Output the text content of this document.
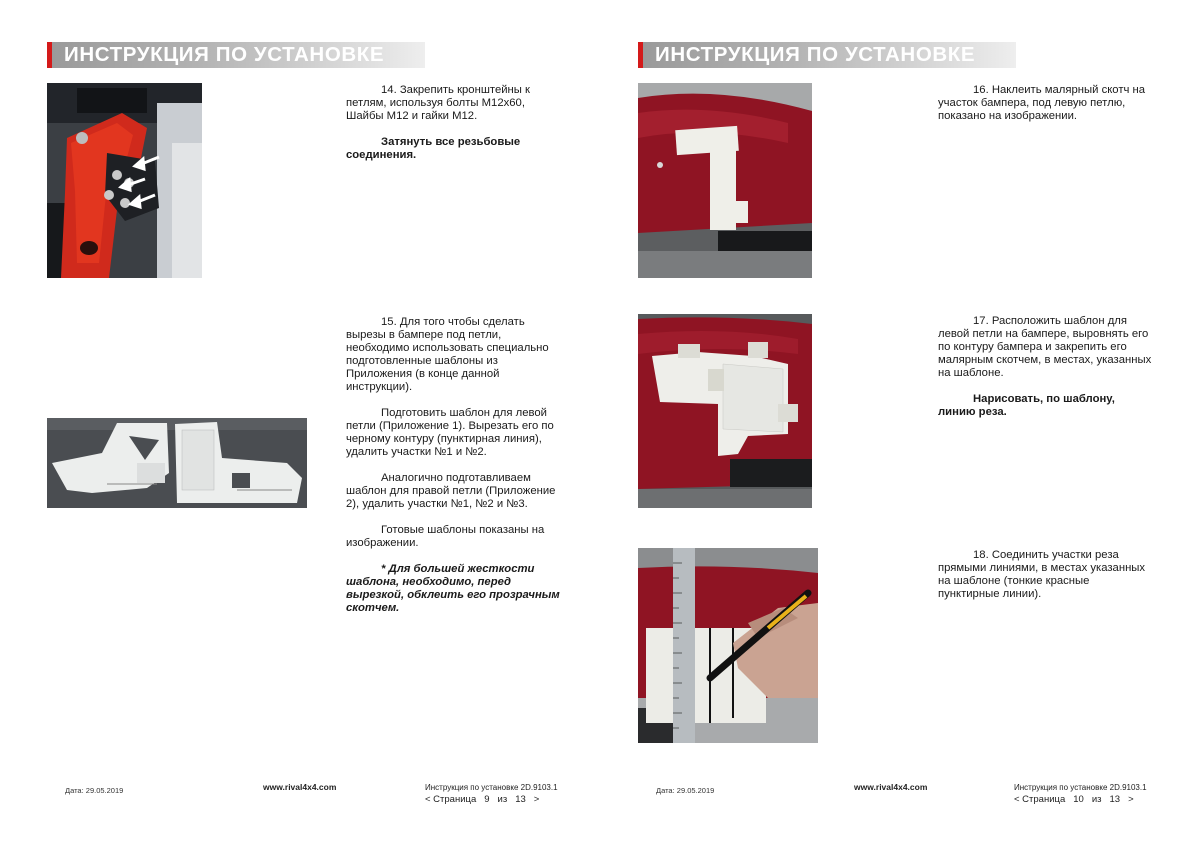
ИНСТРУКЦИЯ ПО УСТАНОВКЕ

14. Закрепить кронштейны к петлям, используя болты М12х60, Шайбы М12 и гайки М12.

Затянуть все резьбовые соединения.

15. Для того чтобы сделать вырезы в бампере под петли, необходимо использовать специально подготовленные шаблоны из Приложения (в конце данной инструкции).

Подготовить шаблон для левой петли (Приложение 1). Вырезать его по черному контуру (пунктирная линия), удалить участки №1 и №2.

Аналогично подготавливаем шаблон для правой петли (Приложение 2), удалить участки №1, №2 и №3.

Готовые шаблоны показаны на изображении.

* Для большей жесткости шаблона, необходимо, перед вырезкой, обклеить его прозрачным скотчем.

Дата: 29.05.2019	www.rival4x4.com	Инструкция по установке 2D.9103.1
< Страница 9 из 13 >
ИНСТРУКЦИЯ ПО УСТАНОВКЕ

16. Наклеить малярный скотч на участок бампера, под левую петлю, показано на изображении.

17. Расположить шаблон для левой петли на бампере, выровнять его по контуру бампера и закрепить его малярным скотчем, в местах, указанных на шаблоне.

Нарисовать, по шаблону, линию реза.

18. Соединить участки реза прямыми линиями, в местах указанных на шаблоне (тонкие красные пунктирные линии).

Дата: 29.05.2019	www.rival4x4.com	Инструкция по установке 2D.9103.1
< Страница 10 из 13 >
